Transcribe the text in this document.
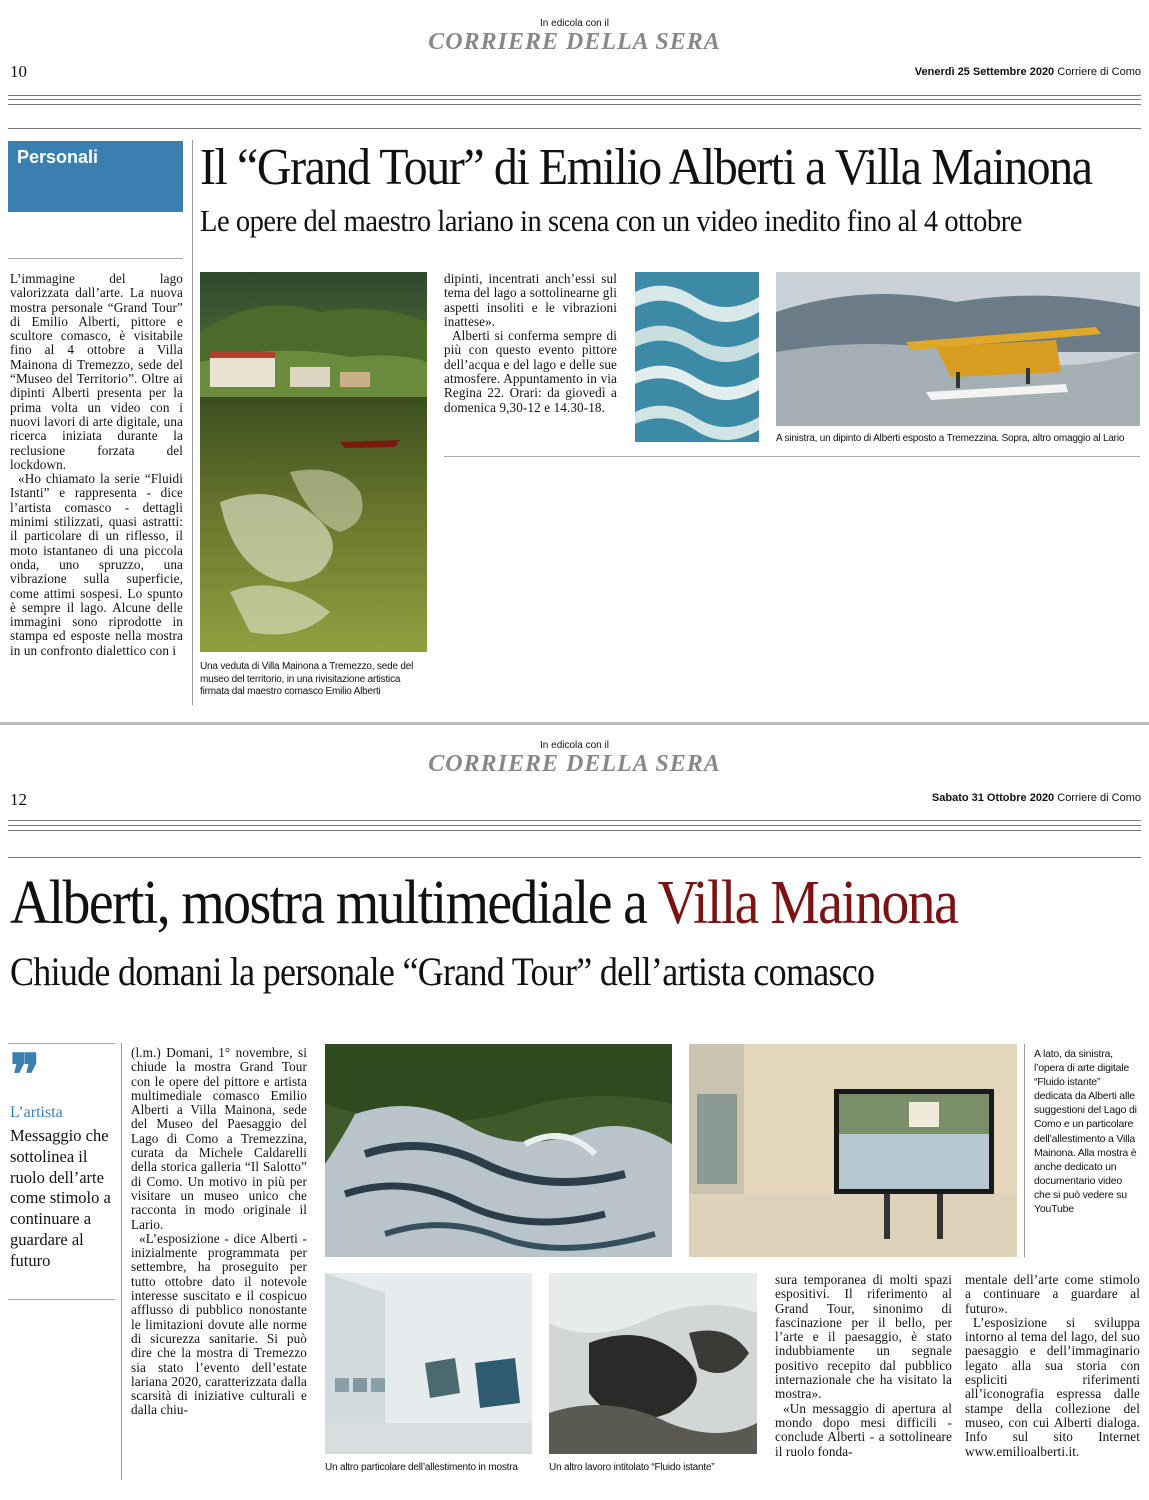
In edicola con il
CORRIERE DELLA SERA
10	Venerdì 25 Settembre 2020 Corriere di Como
Personali Il “Grand Tour” di Emilio Alberti a Villa Mainona
Le opere del maestro lariano in scena con un video inedito fino al 4 ottobre

L’immagine del lago valorizzata dall’arte. La nuova mostra personale “Grand Tour” di Emilio Alberti, pittore e scultore comasco, è visitabile fino al 4 ottobre a Villa Mainona di Tremezzo, sede del “Museo del Territorio”. Oltre ai dipinti Alberti presenta per la prima volta un video con i nuovi lavori di arte digitale, una ricerca iniziata durante la reclusione forzata del lockdown.

«Ho chiamato la serie “Fluidi Istanti” e rappresenta - dice l’artista comasco - dettagli minimi stilizzati, quasi astratti: il particolare di un riflesso, il moto istantaneo di una piccola onda, uno spruzzo, una vibrazione sulla superficie, come attimi sospesi. Lo spunto è sempre il lago. Alcune delle immagini sono riprodotte in stampa ed esposte nella mostra in un confronto dialettico con i

Una veduta di Villa Mainona a Tremezzo, sede del museo del territorio, in una rivisitazione artistica firmata dal maestro comasco Emilio Alberti

dipinti, incentrati anch’essi sul tema del lago a sottolinearne gli aspetti insoliti e le vibrazioni inattese».

Alberti si conferma sempre di più con questo evento pittore dell’acqua e del lago e delle sue atmosfere. Appuntamento in via Regina 22. Orari: da giovedì a domenica 9,30-12 e 14.30-18.

A sinistra, un dipinto di Alberti esposto a Tremezzina. Sopra, altro omaggio al Lario
In edicola con il
CORRIERE DELLA SERA
12	Sabato 31 Ottobre 2020 Corriere di Como
Alberti, mostra multimediale a Villa Mainona
Chiude domani la personale “Grand Tour” dell’artista comasco
❞
L’artista
Messaggio che sottolinea il ruolo dell’arte come stimolo a continuare a guardare al futuro

(l.m.) Domani, 1° novembre, si chiude la mostra Grand Tour con le opere del pittore e artista multimediale comasco Emilio Alberti a Villa Mainona, sede del Museo del Paesaggio del Lago di Como a Tremezzina, curata da Michele Caldarelli della storica galleria “Il Salotto” di Como. Un motivo in più per visitare un museo unico che racconta in modo originale il Lario.

«L’esposizione - dice Alberti - inizialmente programmata per settembre, ha proseguito per tutto ottobre dato il notevole interesse suscitato e il cospicuo afflusso di pubblico nonostante le limitazioni dovute alle norme di sicurezza sanitarie. Si può dire che la mostra di Tremezzo sia stato l’evento dell’estate lariana 2020, caratterizzata dalla scarsità di iniziative culturali e dalla chiu-

A lato, da sinistra, l’opera di arte digitale “Fluido istante” dedicata da Alberti alle suggestioni del Lago di Como e un particolare dell’allestimento a Villa Mainona. Alla mostra è anche dedicato un documentario video che si può vedere su YouTube
Un altro particolare dell’allestimento in mostra	Un altro lavoro intitolato “Fluido istante”

sura temporanea di molti spazi espositivi. Il riferimento al Grand Tour, sinonimo di fascinazione per il bello, per l’arte e il paesaggio, è stato indubbiamente un segnale positivo recepito dal pubblico internazionale che ha visitato la mostra».

«Un messaggio di apertura al mondo dopo mesi difficili - conclude Alberti - a sottolineare il ruolo fonda-

mentale dell’arte come stimolo a continuare a guardare al futuro».

L’esposizione si sviluppa intorno al tema del lago, del suo paesaggio e dell’immaginario legato alla sua storia con espliciti riferimenti all’iconografia espressa dalle stampe della collezione del museo, con cui Alberti dialoga. Info sul sito Internet www.emilioalberti.it.
